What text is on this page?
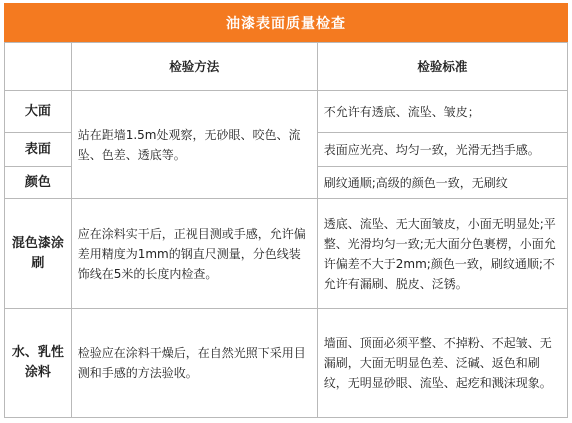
油漆表面质量检查
	检验方法	检验标准
大面	站在距墙1.5m处观察，无砂眼、咬色、流坠、色差、透底等。	不允许有透底、流坠、皱皮；
表面		表面应光亮、均匀一致，光滑无挡手感。
颜色		刷纹通顺;高级的颜色一致，无刷纹
混色漆涂刷	应在涂料实干后，正视目测或手感，允许偏差用精度为1mm的钢直尺测量，分色线装饰线在5米的长度内检查。	透底、流坠、无大面皱皮，小面无明显处;平整、光滑均匀一致;无大面分色裹楞，小面允许偏差不大于2mm;颜色一致，刷纹通顺;不允许有漏刷、脱皮、泛锈。
水、乳性涂料	检验应在涂料干燥后，在自然光照下采用目测和手感的方法验收。	墙面、顶面必须平整、不掉粉、不起皱、无漏刷，大面无明显色差、泛碱、返色和刷纹，无明显砂眼、流坠、起疙和溅沫现象。
